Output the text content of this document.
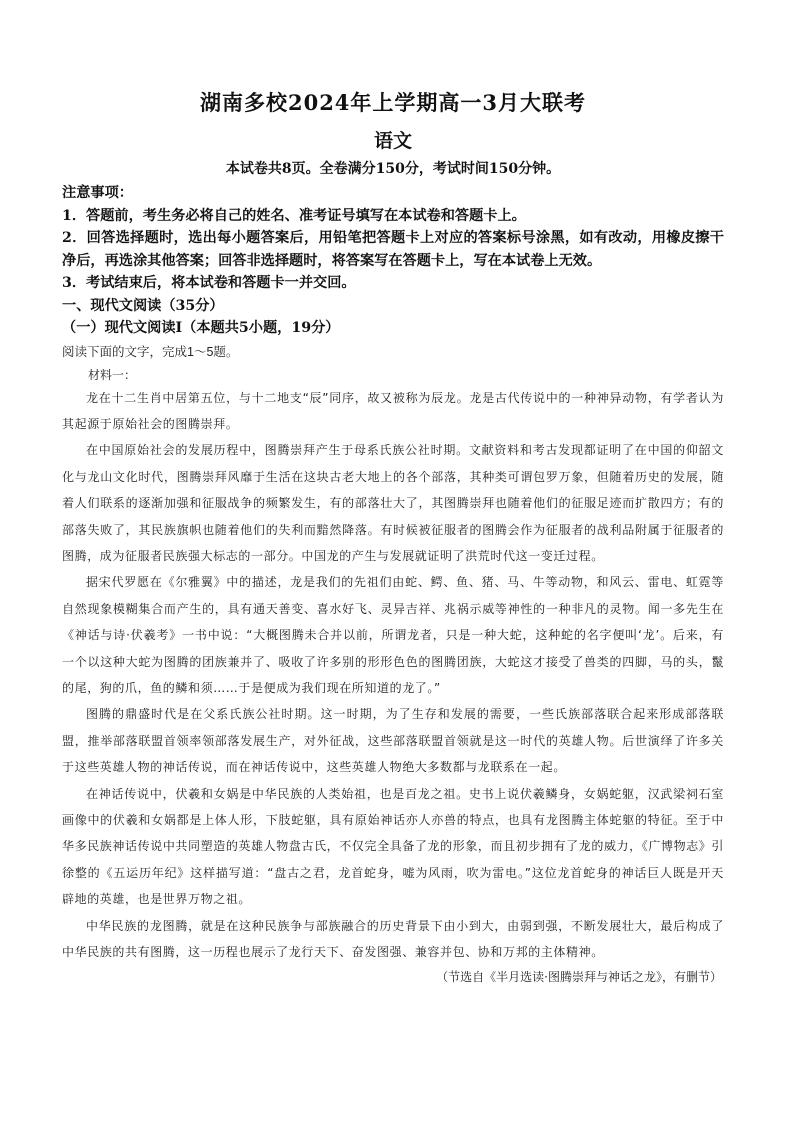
湖南多校2024年上学期高一3月大联考
语文
本试卷共8页。全卷满分150分，考试时间150分钟。
注意事项：
1．答题前，考生务必将自己的姓名、准考证号填写在本试卷和答题卡上。
2．回答选择题时，选出每小题答案后，用铅笔把答题卡上对应的答案标号涂黑，如有改动，用橡皮擦干净后，再选涂其他答案；回答非选择题时，将答案写在答题卡上，写在本试卷上无效。
3．考试结束后，将本试卷和答题卡一并交回。
一、现代文阅读（35分）
（一）现代文阅读Ⅰ（本题共5小题，19分）
阅读下面的文字，完成1～5题。
材料一：

龙在十二生肖中居第五位，与十二地支“辰”同序，故又被称为辰龙。龙是古代传说中的一种神异动物，有学者认为其起源于原始社会的图腾崇拜。

在中国原始社会的发展历程中，图腾崇拜产生于母系氏族公社时期。文献资料和考古发现都证明了在中国的仰韶文化与龙山文化时代，图腾崇拜风靡于生活在这块古老大地上的各个部落，其种类可谓包罗万象，但随着历史的发展，随着人们联系的逐渐加强和征服战争的频繁发生，有的部落壮大了，其图腾崇拜也随着他们的征服足迹而扩散四方；有的部落失败了，其民族旗帜也随着他们的失利而黯然降落。有时候被征服者的图腾会作为征服者的战利品附属于征服者的图腾，成为征服者民族强大标志的一部分。中国龙的产生与发展就证明了洪荒时代这一变迁过程。

据宋代罗愿在《尔雅翼》中的描述，龙是我们的先祖们由蛇、鳄、鱼、猪、马、牛等动物，和风云、雷电、虹霓等自然现象模糊集合而产生的，具有通天善变、喜水好飞、灵异吉祥、兆祸示威等神性的一种非凡的灵物。闻一多先生在《神话与诗·伏羲考》一书中说：“大概图腾未合并以前，所谓龙者，只是一种大蛇，这种蛇的名字便叫‘龙’。后来，有一个以这种大蛇为图腾的团族兼并了、吸收了许多别的形形色色的图腾团族，大蛇这才接受了兽类的四脚，马的头，鬣的尾，狗的爪，鱼的鳞和须……于是便成为我们现在所知道的龙了。”

图腾的鼎盛时代是在父系氏族公社时期。这一时期，为了生存和发展的需要，一些氏族部落联合起来形成部落联盟，推举部落联盟首领率领部落发展生产，对外征战，这些部落联盟首领就是这一时代的英雄人物。后世演绎了许多关于这些英雄人物的神话传说，而在神话传说中，这些英雄人物绝大多数都与龙联系在一起。

在神话传说中，伏羲和女娲是中华民族的人类始祖，也是百龙之祖。史书上说伏羲鳞身，女娲蛇躯，汉武梁祠石室画像中的伏羲和女娲都是上体人形，下肢蛇躯，具有原始神话亦人亦兽的特点，也具有龙图腾主体蛇躯的特征。至于中华多民族神话传说中共同塑造的英雄人物盘古氏，不仅完全具备了龙的形象，而且初步拥有了龙的威力，《广博物志》引徐整的《五运历年纪》这样描写道：“盘古之君，龙首蛇身，嘘为风雨，吹为雷电。”这位龙首蛇身的神话巨人既是开天辟地的英雄，也是世界万物之祖。

中华民族的龙图腾，就是在这种民族争与部族融合的历史背景下由小到大，由弱到强，不断发展壮大，最后构成了中华民族的共有图腾，这一历程也展示了龙行天下、奋发图强、兼容并包、协和万邦的主体精神。

（节选自《半月选读·图腾崇拜与神话之龙》，有删节）
